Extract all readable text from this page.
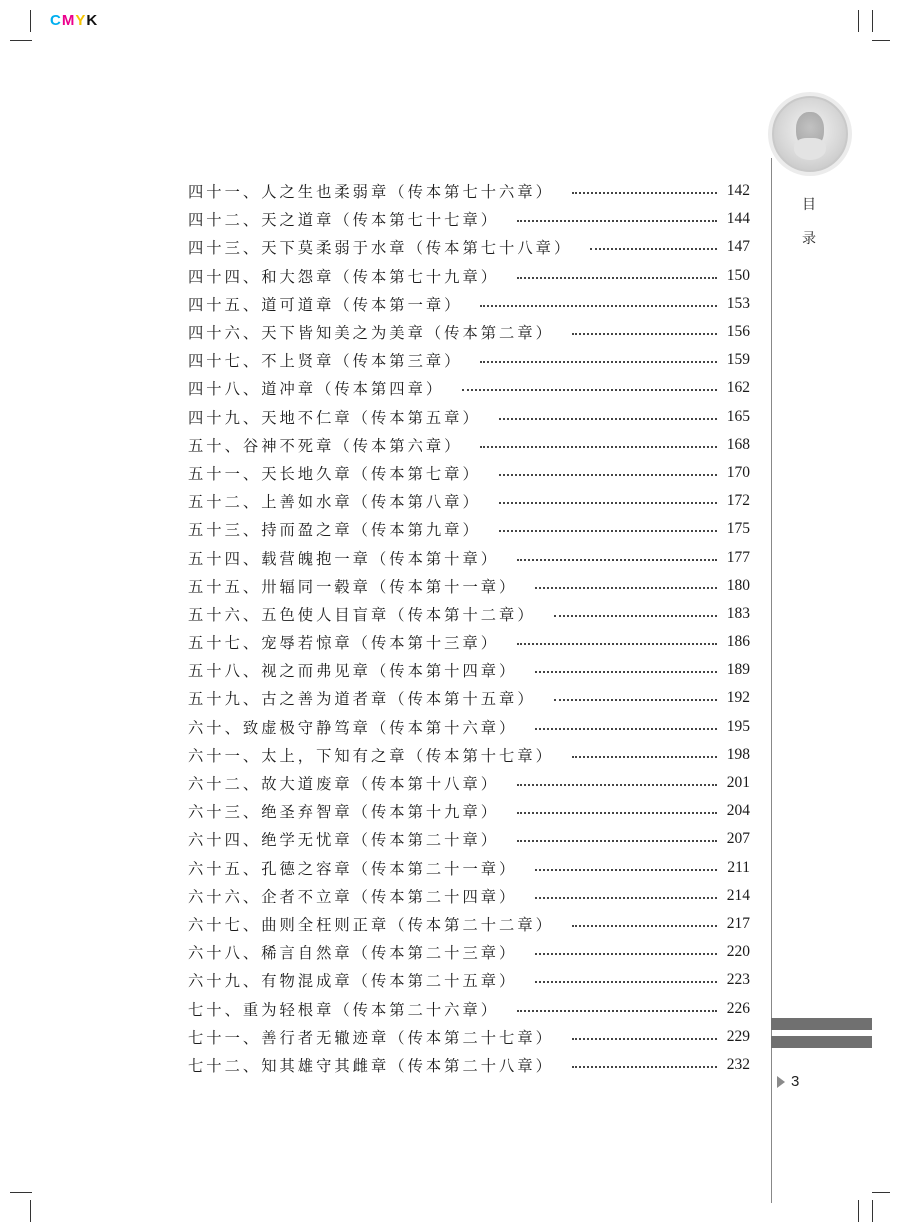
CMYK
目
录
3
四十一、人之生也柔弱章（传本第七十六章）	142
四十二、天之道章（传本第七十七章）	144
四十三、天下莫柔弱于水章（传本第七十八章）	147
四十四、和大怨章（传本第七十九章）	150
四十五、道可道章（传本第一章）	153
四十六、天下皆知美之为美章（传本第二章）	156
四十七、不上贤章（传本第三章）	159
四十八、道冲章（传本第四章）	162
四十九、天地不仁章（传本第五章）	165
五十、谷神不死章（传本第六章）	168
五十一、天长地久章（传本第七章）	170
五十二、上善如水章（传本第八章）	172
五十三、持而盈之章（传本第九章）	175
五十四、载营魄抱一章（传本第十章）	177
五十五、卅辐同一毂章（传本第十一章）	180
五十六、五色使人目盲章（传本第十二章）	183
五十七、宠辱若惊章（传本第十三章）	186
五十八、视之而弗见章（传本第十四章）	189
五十九、古之善为道者章（传本第十五章）	192
六十、致虚极守静笃章（传本第十六章）	195
六十一、太上，下知有之章（传本第十七章）	198
六十二、故大道废章（传本第十八章）	201
六十三、绝圣弃智章（传本第十九章）	204
六十四、绝学无忧章（传本第二十章）	207
六十五、孔德之容章（传本第二十一章）	211
六十六、企者不立章（传本第二十四章）	214
六十七、曲则全枉则正章（传本第二十二章）	217
六十八、稀言自然章（传本第二十三章）	220
六十九、有物混成章（传本第二十五章）	223
七十、重为轻根章（传本第二十六章）	226
七十一、善行者无辙迹章（传本第二十七章）	229
七十二、知其雄守其雌章（传本第二十八章）	232
